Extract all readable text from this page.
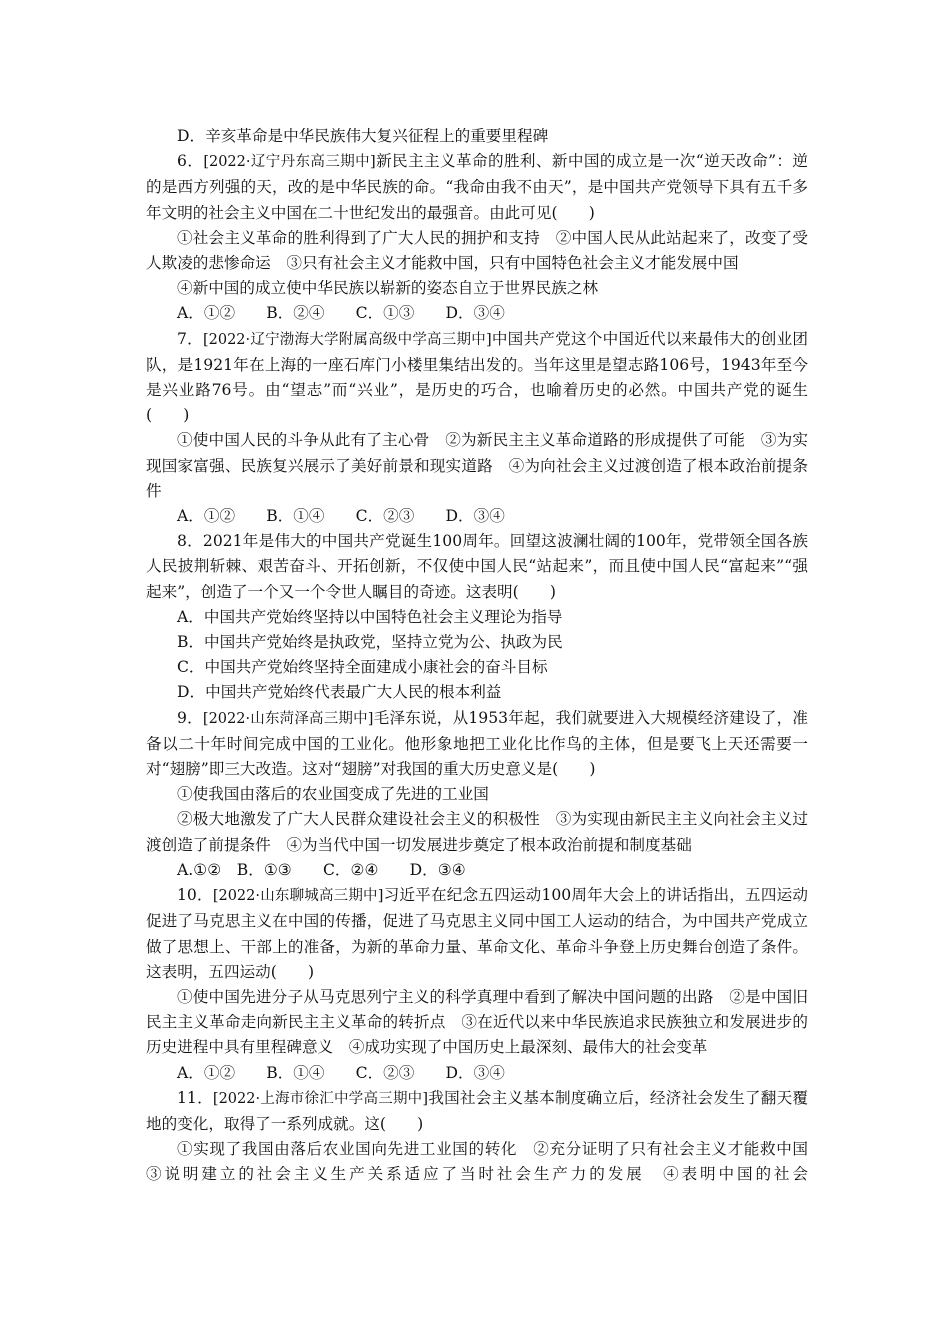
D．辛亥革命是中华民族伟大复兴征程上的重要里程碑

6．[2022·辽宁丹东高三期中]新民主主义革命的胜利、新中国的成立是一次“逆天改命”：逆的是西方列强的天，改的是中华民族的命。“我命由我不由天”，是中国共产党领导下具有五千多年文明的社会主义中国在二十世纪发出的最强音。由此可见(　　)

①社会主义革命的胜利得到了广大人民的拥护和支持　②中国人民从此站起来了，改变了受人欺凌的悲惨命运　③只有社会主义才能救中国，只有中国特色社会主义才能发展中国

④新中国的成立使中华民族以崭新的姿态自立于世界民族之林

A．①②　　B．②④　　C．①③　　D．③④

7．[2022·辽宁渤海大学附属高级中学高三期中]中国共产党这个中国近代以来最伟大的创业团队，是1921年在上海的一座石库门小楼里集结出发的。当年这里是望志路106号，1943年至今是兴业路76号。由“望志”而“兴业”，是历史的巧合，也喻着历史的必然。中国共产党的诞生(　　)

①使中国人民的斗争从此有了主心骨　②为新民主主义革命道路的形成提供了可能　③为实现国家富强、民族复兴展示了美好前景和现实道路　④为向社会主义过渡创造了根本政治前提条件

A．①②　　B．①④　　C．②③　　D．③④

8．2021年是伟大的中国共产党诞生100周年。回望这波澜壮阔的100年，党带领全国各族人民披荆斩棘、艰苦奋斗、开拓创新，不仅使中国人民“站起来”，而且使中国人民“富起来”“强起来”，创造了一个又一个令世人瞩目的奇迹。这表明(　　)

A．中国共产党始终坚持以中国特色社会主义理论为指导

B．中国共产党始终是执政党，坚持立党为公、执政为民

C．中国共产党始终坚持全面建成小康社会的奋斗目标

D．中国共产党始终代表最广大人民的根本利益

9．[2022·山东菏泽高三期中]毛泽东说，从1953年起，我们就要进入大规模经济建设了，准备以二十年时间完成中国的工业化。他形象地把工业化比作鸟的主体，但是要飞上天还需要一对“翅膀”即三大改造。这对“翅膀”对我国的重大历史意义是(　　)

①使我国由落后的农业国变成了先进的工业国

②极大地激发了广大人民群众建设社会主义的积极性　③为实现由新民主主义向社会主义过渡创造了前提条件　④为当代中国一切发展进步奠定了根本政治前提和制度基础

A.①②　B．①③　　C．②④　　D．③④

10．[2022·山东聊城高三期中]习近平在纪念五四运动100周年大会上的讲话指出，五四运动促进了马克思主义在中国的传播，促进了马克思主义同中国工人运动的结合，为中国共产党成立做了思想上、干部上的准备，为新的革命力量、革命文化、革命斗争登上历史舞台创造了条件。这表明，五四运动(　　)

①使中国先进分子从马克思列宁主义的科学真理中看到了解决中国问题的出路　②是中国旧民主主义革命走向新民主主义革命的转折点　③在近代以来中华民族追求民族独立和发展进步的历史进程中具有里程碑意义　④成功实现了中国历史上最深刻、最伟大的社会变革

A．①②　　B．①④　　C．②③　　D．③④

11．[2022·上海市徐汇中学高三期中]我国社会主义基本制度确立后，经济社会发生了翻天覆地的变化，取得了一系列成就。这(　　)

①实现了我国由落后农业国向先进工业国的转化　②充分证明了只有社会主义才能救中国　③说明建立的社会主义生产关系适应了当时社会生产力的发展　④表明中国的社会
